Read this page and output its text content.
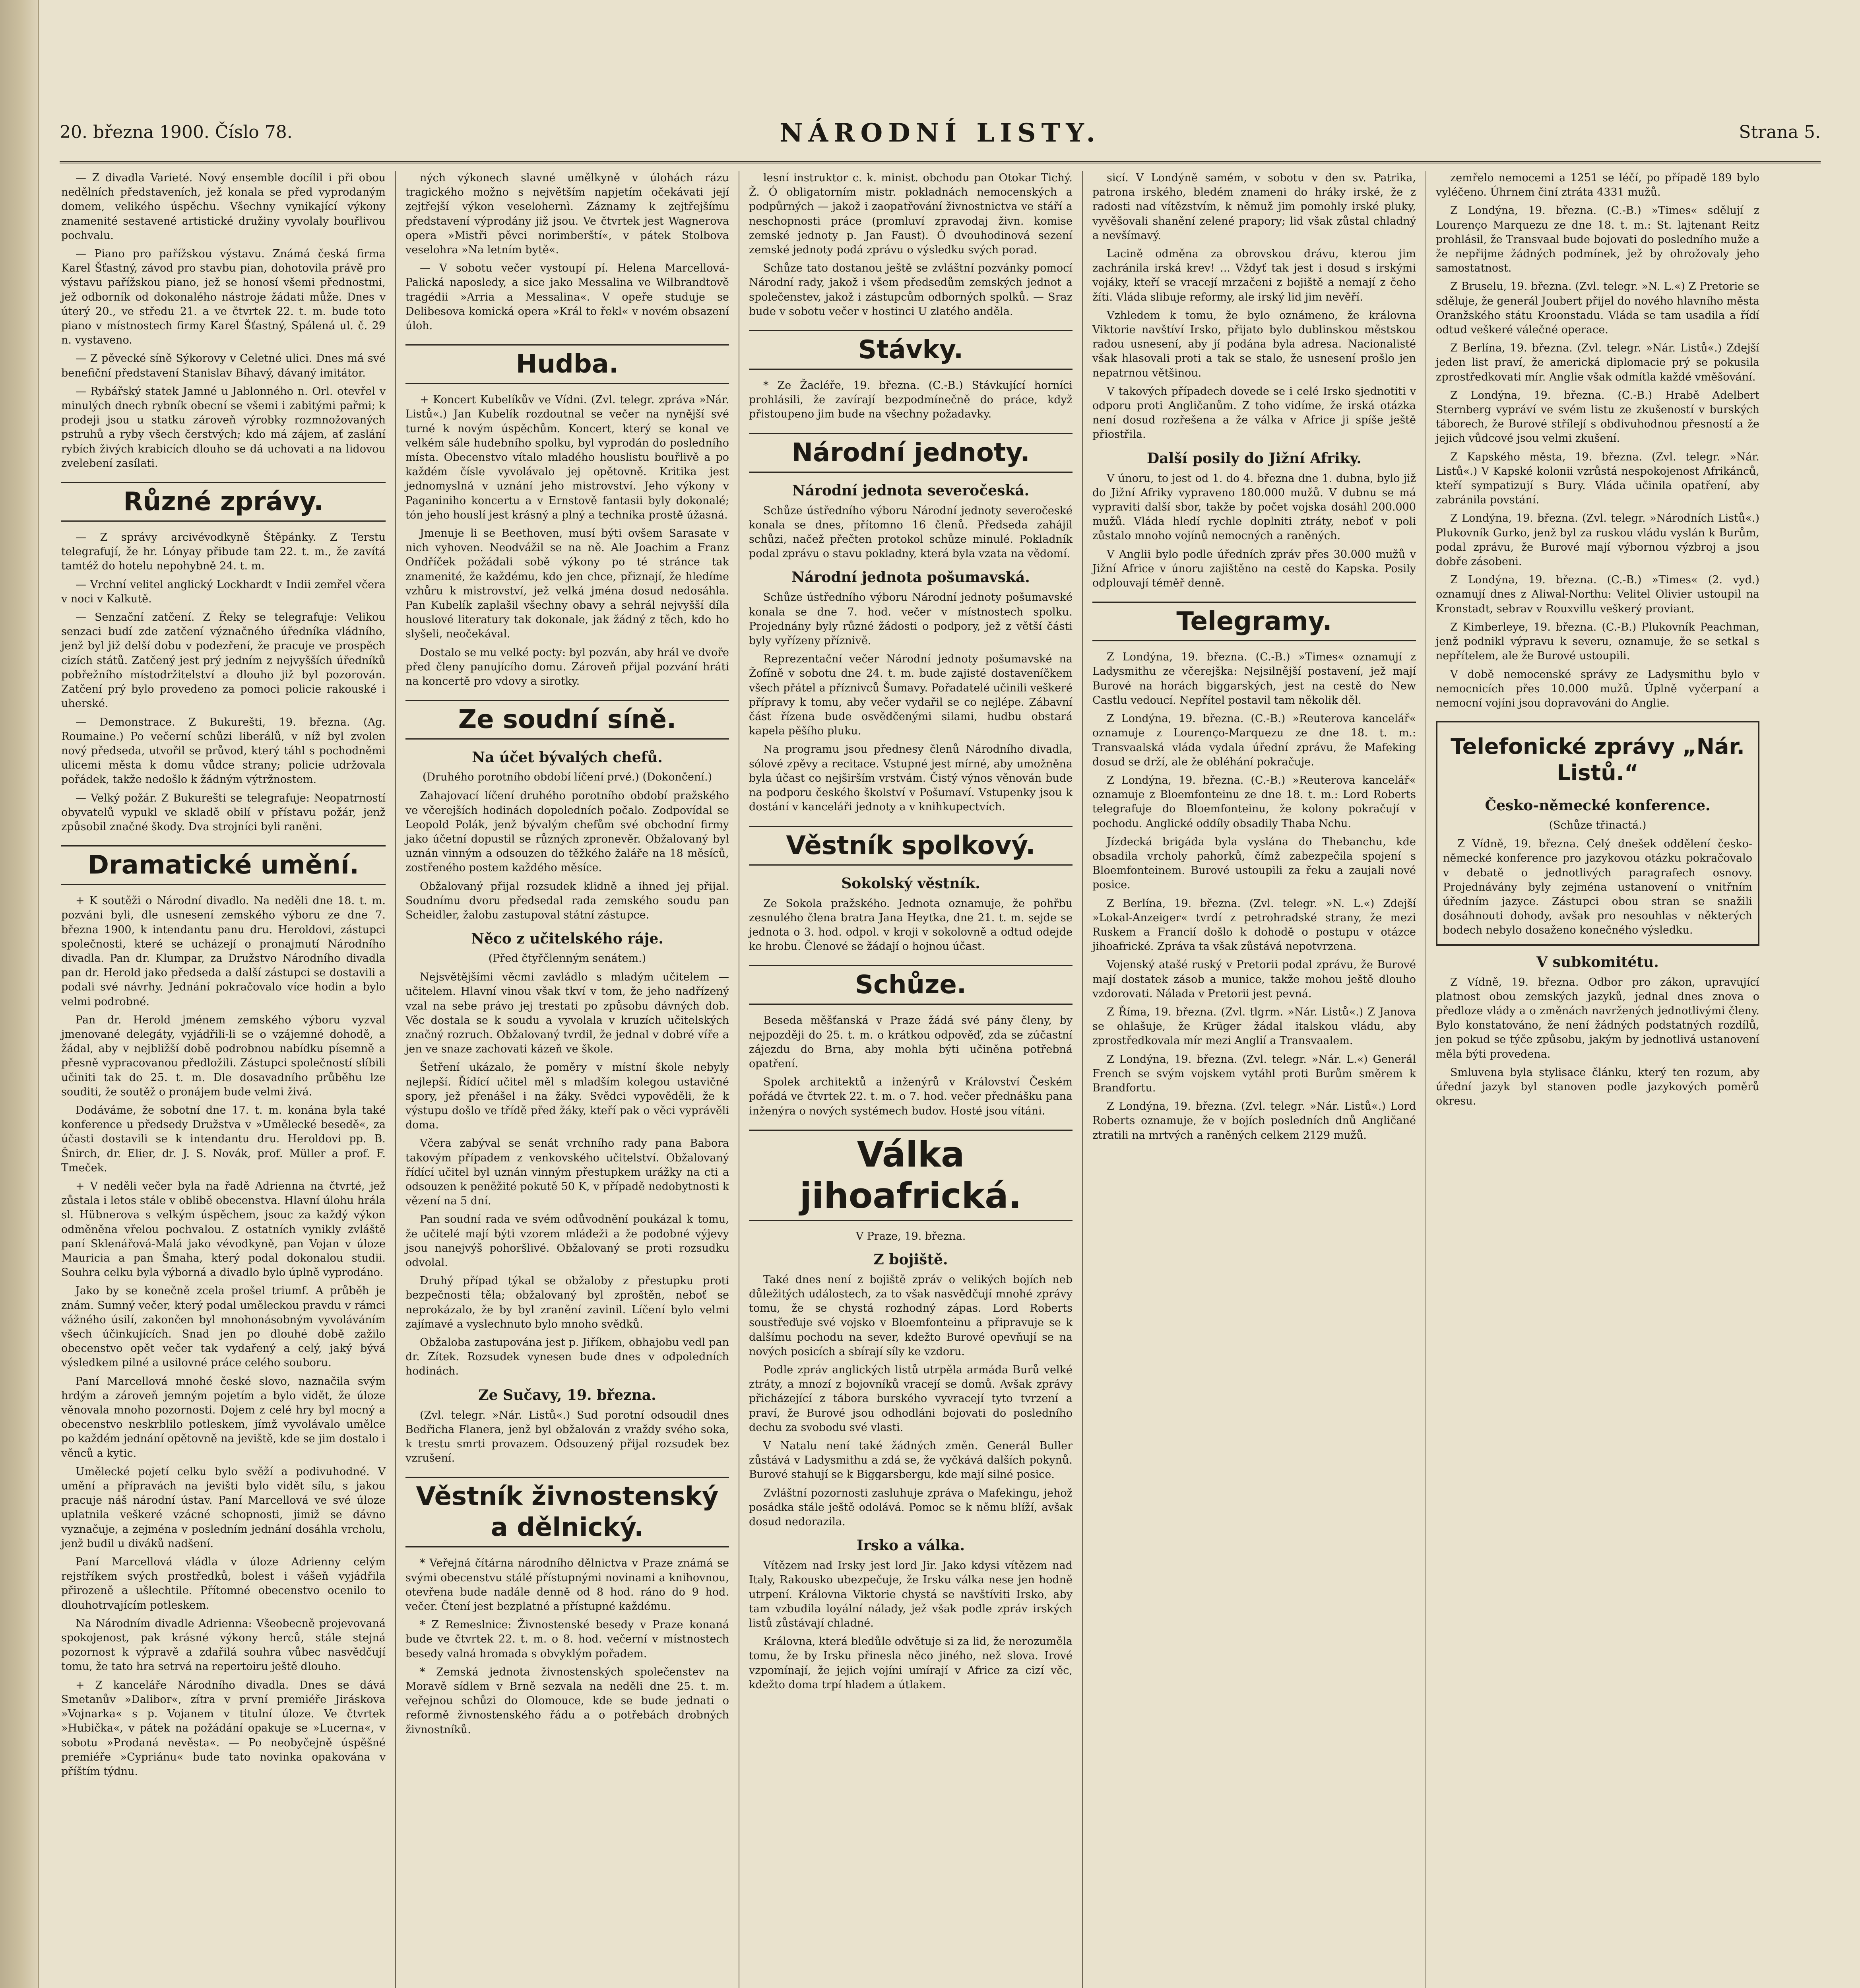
20. března 1900. Číslo 78.	NÁRODNÍ LISTY.	Strana 5.

— Z divadla Varieté. Nový ensemble docílil i při obou nedělních představeních, jež konala se před vyprodaným domem, velikého úspěchu. Všechny vynikající výkony znamenité sestavené artistické družiny vyvolaly bouřlivou pochvalu.

— Piano pro pařížskou výstavu. Známá česká firma Karel Šťastný, závod pro stavbu pian, dohotovila právě pro výstavu pařížskou piano, jež se honosí všemi přednostmi, jež odborník od dokonalého nástroje žádati může. Dnes v úterý 20., ve středu 21. a ve čtvrtek 22. t. m. bude toto piano v místnostech firmy Karel Šťastný, Spálená ul. č. 29 n. vystaveno.

— Z pěvecké síně Sýkorovy v Celetné ulici. Dnes má své benefiční představení Stanislav Bíhavý, dávaný imitátor.

— Rybářský statek Jamné u Jablonného n. Orl. otevřel v minulých dnech rybník obecní se všemi i zabitými pařmi; k prodeji jsou u statku zároveň výrobky rozmnožovaných pstruhů a ryby všech čerstvých; kdo má zájem, ať zaslání rybích živých krabicích dlouho se dá uchovati a na lidovou zvelebení zasílati.

Různé zprávy.

— Z správy arcivévodkyně Štěpánky. Z Terstu telegrafují, že hr. Lónyay přibude tam 22. t. m., že zavítá tamtéž do hotelu nepohybně 24. t. m.

— Vrchní velitel anglický Lockhardt v Indii zemřel včera v noci v Kalkutě.

— Senzační zatčení. Z Řeky se telegrafuje: Velikou senzaci budí zde zatčení význačného úředníka vládního, jenž byl již delší dobu v podezření, že pracuje ve prospěch cizích států. Zatčený jest prý jedním z nejvyšších úředníků pobřežního místodržitelství a dlouho již byl pozorován. Zatčení prý bylo provedeno za pomoci policie rakouské i uherské.

— Demonstrace. Z Bukurešti, 19. března. (Ag. Roumaine.) Po večerní schůzi liberálů, v níž byl zvolen nový předseda, utvořil se průvod, který táhl s pochodněmi ulicemi města k domu vůdce strany; policie udržovala pořádek, takže nedošlo k žádným výtržnostem.

— Velký požár. Z Bukurešti se telegrafuje: Neopatrností obyvatelů vypukl ve skladě obilí v přístavu požár, jenž způsobil značné škody. Dva strojníci byli raněni.

Dramatické umění.

+ K soutěži o Národní divadlo. Na neděli dne 18. t. m. pozváni byli, dle usnesení zemského výboru ze dne 7. března 1900, k intendantu panu dru. Heroldovi, zástupci společnosti, které se ucházejí o pronajmutí Národního divadla. Pan dr. Klumpar, za Družstvo Národního divadla pan dr. Herold jako předseda a další zástupci se dostavili a podali své návrhy. Jednání pokračovalo více hodin a bylo velmi podrobné.

Pan dr. Herold jménem zemského výboru vyzval jmenované delegáty, vyjádřili-li se o vzájemné dohodě, a žádal, aby v nejbližší době podrobnou nabídku písemně a přesně vypracovanou předložili. Zástupci společností slíbili učiniti tak do 25. t. m. Dle dosavadního průběhu lze souditi, že soutěž o pronájem bude velmi živá.

Dodáváme, že sobotní dne 17. t. m. konána byla také konference u předsedy Družstva v »Umělecké besedě«, za účasti dostavili se k intendantu dru. Heroldovi pp. B. Šnirch, dr. Elier, dr. J. S. Novák, prof. Müller a prof. F. Tmeček.

+ V neděli večer byla na řadě Adrienna na čtvrté, jež zůstala i letos stále v oblibě obecenstva. Hlavní úlohu hrála sl. Hübnerova s velkým úspěchem, jsouc za každý výkon odměněna vřelou pochvalou. Z ostatních vynikly zvláště paní Sklenářová-Malá jako vévodkyně, pan Vojan v úloze Mauricia a pan Šmaha, který podal dokonalou studii. Souhra celku byla výborná a divadlo bylo úplně vyprodáno.

Jako by se konečně zcela prošel triumf. A průběh je znám. Sumný večer, který podal uměleckou pravdu v rámci vážného úsilí, zakončen byl mnohonásobným vyvoláváním všech účinkujících. Snad jen po dlouhé době zažilo obecenstvo opět večer tak vydařený a celý, jaký bývá výsledkem pilné a usilovné práce celého souboru.

Paní Marcellová mnohé české slovo, naznačila svým hrdým a zároveň jemným pojetím a bylo vidět, že úloze věnovala mnoho pozornosti. Dojem z celé hry byl mocný a obecenstvo neskrblilo potleskem, jímž vyvolávalo umělce po každém jednání opětovně na jeviště, kde se jim dostalo i věnců a kytic.

Umělecké pojetí celku bylo svěží a podivuhodné. V umění a přípravách na jevišti bylo vidět sílu, s jakou pracuje náš národní ústav. Paní Marcellová ve své úloze uplatnila veškeré vzácné schopnosti, jimiž se dávno vyznačuje, a zejména v posledním jednání dosáhla vrcholu, jenž budil u diváků nadšení.

Paní Marcellová vládla v úloze Adrienny celým rejstříkem svých prostředků, bolest i vášeň vyjádřila přirozeně a ušlechtile. Přítomné obecenstvo ocenilo to dlouhotrvajícím potleskem.

Na Národním divadle Adrienna: Všeobecně projevovaná spokojenost, pak krásné výkony herců, stále stejná pozornost k výpravě a zdařilá souhra vůbec nasvědčují tomu, že tato hra setrvá na repertoiru ještě dlouho.

+ Z kanceláře Národního divadla. Dnes se dává Smetanův »Dalibor«, zítra v první premiéře Jiráskova »Vojnarka« s p. Vojanem v titulní úloze. Ve čtvrtek »Hubička«, v pátek na požádání opakuje se »Lucerna«, v sobotu »Prodaná nevěsta«. — Po neobyčejně úspěšné premiéře »Cypriánu« bude tato novinka opakována v příštím týdnu.

ných výkonech slavné umělkyně v úlohách rázu tragického možno s největším napjetím očekávati její zejtřejší výkon veselohernì. Záznamy k zejtřejšímu představení výprodány již jsou. Ve čtvrtek jest Wagnerova opera »Mistři pěvci norimberští«, v pátek Stolbova veselohra »Na letním bytě«.

— V sobotu večer vystoupí pí. Helena Marcellová-Palická naposledy, a sice jako Messalina ve Wilbrandtově tragédii »Arria a Messalina«. V opeře studuje se Delibesova komická opera »Král to řekl« v novém obsazení úloh.

Hudba.

+ Koncert Kubelíkův ve Vídni. (Zvl. telegr. zpráva »Nár. Listů«.) Jan Kubelík rozdoutnal se večer na nynější své turné k novým úspěchům. Koncert, který se konal ve velkém sále hudebního spolku, byl vyprodán do posledního místa. Obecenstvo vítalo mladého houslistu bouřlivě a po každém čísle vyvolávalo jej opětovně. Kritika jest jednomyslná v uznání jeho mistrovství. Jeho výkony v Paganiniho koncertu a v Ernstově fantasii byly dokonalé; tón jeho houslí jest krásný a plný a technika prostě úžasná.

Jmenuje li se Beethoven, musí býti ovšem Sarasate v nich vyhoven. Neodvážil se na ně. Ale Joachim a Franz Ondříček požádali sobě výkony po té stránce tak znamenité, že každému, kdo jen chce, přiznají, že hledíme vzhůru k mistrovství, jež velká jména dosud nedosáhla. Pan Kubelík zaplašil všechny obavy a sehrál nejvyšší díla houslové literatury tak dokonale, jak žádný z těch, kdo ho slyšeli, neočekával.

Dostalo se mu velké pocty: byl pozván, aby hrál ve dvoře před členy panujícího domu. Zároveň přijal pozvání hráti na koncertě pro vdovy a sirotky.

Ze soudní síně.
Na účet bývalých chefů.
(Druhého porotního období líčení prvé.) (Dokončení.)

Zahajovací líčení druhého porotního období pražského ve včerejších hodinách dopoledních počalo. Zodpovídal se Leopold Polák, jenž bývalým chefům své obchodní firmy jako účetní dopustil se různých zpronevěr. Obžalovaný byl uznán vinným a odsouzen do těžkého žaláře na 18 měsíců, zostřeného postem každého měsíce.

Obžalovaný přijal rozsudek klidně a ihned jej přijal. Soudnímu dvoru předsedal rada zemského soudu pan Scheidler, žalobu zastupoval státní zástupce.

Něco z učitelského ráje.
(Před čtyřčlenným senátem.)

Nejsvětějšími věcmi zavládlo s mladým učitelem — učitelem. Hlavní vinou však tkví v tom, že jeho nadřízený vzal na sebe právo jej trestati po způsobu dávných dob. Věc dostala se k soudu a vyvolala v kruzích učitelských značný rozruch. Obžalovaný tvrdil, že jednal v dobré víře a jen ve snaze zachovati kázeň ve škole.

Šetření ukázalo, že poměry v místní škole nebyly nejlepší. Řídící učitel měl s mladším kolegou ustavičné spory, jež přenášel i na žáky. Svědci vypověděli, že k výstupu došlo ve třídě před žáky, kteří pak o věci vyprávěli doma.

Včera zabýval se senát vrchního rady pana Babora takovým případem z venkovského učitelství. Obžalovaný řídící učitel byl uznán vinným přestupkem urážky na cti a odsouzen k peněžité pokutě 50 K, v případě nedobytnosti k vězení na 5 dní.

Pan soudní rada ve svém odůvodnění poukázal k tomu, že učitelé mají býti vzorem mládeži a že podobné výjevy jsou nanejvýš pohoršlivé. Obžalovaný se proti rozsudku odvolal.

Druhý případ týkal se obžaloby z přestupku proti bezpečnosti těla; obžalovaný byl zproštěn, neboť se neprokázalo, že by byl zranění zavinil. Líčení bylo velmi zajímavé a vyslechnuto bylo mnoho svědků.

Obžaloba zastupována jest p. Jiříkem, obhajobu vedl pan dr. Zítek. Rozsudek vynesen bude dnes v odpoledních hodinách.

Ze Sučavy, 19. března.

(Zvl. telegr. »Nár. Listů«.) Sud porotní odsoudil dnes Bedřicha Flanera, jenž byl obžalován z vraždy svého soka, k trestu smrti provazem. Odsouzený přijal rozsudek bez vzrušení.

Věstník živnostenský a dělnický.

* Veřejná čítárna národního dělnictva v Praze známá se svými obecenstvu stálé přístupnými novinami a knihovnou, otevřena bude nadále denně od 8 hod. ráno do 9 hod. večer. Čtení jest bezplatné a přístupné každému.

* Z Remeslnice: Živnostenské besedy v Praze konaná bude ve čtvrtek 22. t. m. o 8. hod. večerní v místnostech besedy valná hromada s obvyklým pořadem.

* Zemská jednota živnostenských společenstev na Moravě sídlem v Brně sezvala na neděli dne 25. t. m. veřejnou schůzi do Olomouce, kde se bude jednati o reformě živnostenského řádu a o potřebách drobných živnostníků.

lesní instruktor c. k. minist. obchodu pan Otokar Tichý. Ž. Ó obligatorním mistr. pokladnách nemocenských a podpůrných — jakož i zaopatřování živnostnictva ve stáří a neschopnosti práce (promluví zpravodaj živn. komise zemské jednoty p. Jan Faust). Ó dvouhodinová sezení zemské jednoty podá zprávu o výsledku svých porad.

Schůze tato dostanou ještě se zvláštní pozvánky pomocí Národní rady, jakož i všem předsedům zemských jednot a společenstev, jakož i zástupcům odborných spolků. — Sraz bude v sobotu večer v hostinci U zlatého anděla.

Stávky.

* Ze Žacléře, 19. března. (C.-B.) Stávkující horníci prohlásili, že zavírají bezpodmínečně do práce, když přistoupeno jim bude na všechny požadavky.

Národní jednoty.
Národní jednota severočeská.

Schůze ústředního výboru Národní jednoty severočeské konala se dnes, přítomno 16 členů. Předseda zahájil schůzi, načež přečten protokol schůze minulé. Pokladník podal zprávu o stavu pokladny, která byla vzata na vědomí.

Národní jednota pošumavská.

Schůze ústředního výboru Národní jednoty pošumavské konala se dne 7. hod. večer v místnostech spolku. Projednány byly různé žádosti o podpory, jež z větší části byly vyřízeny příznivě.

Reprezentační večer Národní jednoty pošumavské na Žofíně v sobotu dne 24. t. m. bude zajisté dostaveníčkem všech přátel a příznivců Šumavy. Pořadatelé učinili veškeré přípravy k tomu, aby večer vydařil se co nejlépe. Zábavní část řízena bude osvědčenými silami, hudbu obstará kapela pěšího pluku.

Na programu jsou přednesy členů Národního divadla, sólové zpěvy a recitace. Vstupné jest mírné, aby umožněna byla účast co nejširším vrstvám. Čistý výnos věnován bude na podporu českého školství v Pošumaví. Vstupenky jsou k dostání v kanceláři jednoty a v knihkupectvích.

Věstník spolkový.
Sokolský věstník.

Ze Sokola pražského. Jednota oznamuje, že pohřbu zesnulého člena bratra Jana Heytka, dne 21. t. m. sejde se jednota o 3. hod. odpol. v kroji v sokolovně a odtud odejde ke hrobu. Členové se žádají o hojnou účast.

Schůze.

Beseda měšťanská v Praze žádá své pány členy, by nejpozději do 25. t. m. o krátkou odpověď, zda se zúčastní zájezdu do Brna, aby mohla býti učiněna potřebná opatření.

Spolek architektů a inženýrů v Království Českém pořádá ve čtvrtek 22. t. m. o 7. hod. večer přednášku pana inženýra o nových systémech budov. Hosté jsou vítáni.

Válka jihoafrická.
V Praze, 19. března.
Z bojiště.

Také dnes není z bojiště zpráv o velikých bojích neb důležitých událostech, za to však nasvědčují mnohé zprávy tomu, že se chystá rozhodný zápas. Lord Roberts soustřeďuje své vojsko v Bloemfonteinu a připravuje se k dalšímu pochodu na sever, kdežto Burové opevňují se na nových posicích a sbírají síly ke vzdoru.

Podle zpráv anglických listů utrpěla armáda Burů velké ztráty, a mnozí z bojovníků vracejí se domů. Avšak zprávy přicházející z tábora burského vyvracejí tyto tvrzení a praví, že Burové jsou odhodláni bojovati do posledního dechu za svobodu své vlasti.

V Natalu není také žádných změn. Generál Buller zůstává v Ladysmithu a zdá se, že vyčkává dalších pokynů. Burové stahují se k Biggarsbergu, kde mají silné posice.

Zvláštní pozornosti zasluhuje zpráva o Mafekingu, jehož posádka stále ještě odolává. Pomoc se k němu blíží, avšak dosud nedorazila.

Irsko a válka.

Vítězem nad Irsky jest lord Jir. Jako kdysi vítězem nad Italy, Rakousko ubezpečuje, že Irsku válka nese jen hodně utrpení. Královna Viktorie chystá se navštíviti Irsko, aby tam vzbudila loyální nálady, jež však podle zpráv irských listů zůstávají chladné.

Královna, která bledůle odvětuje si za lid, že nerozuměla tomu, že by Irsku přinesla něco jiného, než slova. Irové vzpomínají, že jejich vojíni umírají v Africe za cizí věc, kdežto doma trpí hladem a útlakem.

sicí. V Londýně samém, v sobotu v den sv. Patrika, patrona irského, bledém znameni do hráky irské, že z radosti nad vítězstvím, k němuž jim pomohly irské pluky, vyvěšovali shanění zelené prapory; lid však zůstal chladný a nevšímavý.

Lacině odměna za obrovskou drávu, kterou jim zachránila irská krev! ... Vždyť tak jest i dosud s irskými vojáky, kteří se vracejí mrzačeni z bojiště a nemají z čeho žíti. Vláda slibuje reformy, ale irský lid jim nevěří.

Vzhledem k tomu, že bylo oznámeno, že královna Viktorie navštíví Irsko, přijato bylo dublinskou městskou radou usnesení, aby jí podána byla adresa. Nacionalisté však hlasovali proti a tak se stalo, že usnesení prošlo jen nepatrnou většinou.

V takových případech dovede se i celé Irsko sjednotiti v odporu proti Angličanům. Z toho vidíme, že irská otázka není dosud rozřešena a že válka v Africe ji spíše ještě přiostřila.

Další posily do Jižní Afriky.

V únoru, to jest od 1. do 4. března dne 1. dubna, bylo již do Jižní Afriky vypraveno 180.000 mužů. V dubnu se má vypraviti další sbor, takže by počet vojska dosáhl 200.000 mužů. Vláda hledí rychle doplniti ztráty, neboť v poli zůstalo mnoho vojínů nemocných a raněných.

V Anglii bylo podle úředních zpráv přes 30.000 mužů v Jižní Africe v únoru zajištěno na cestě do Kapska. Posily odplouvají téměř denně.

Telegramy.

Z Londýna, 19. března. (C.-B.) »Times« oznamují z Ladysmithu ze včerejška: Nejsilnější postavení, jež mají Burové na horách biggarských, jest na cestě do New Castlu vedoucí. Nepřítel postavil tam několik děl.

Z Londýna, 19. března. (C.-B.) »Reuterova kancelář« oznamuje z Lourenço-Marquezu ze dne 18. t. m.: Transvaalská vláda vydala úřední zprávu, že Mafeking dosud se drží, ale že obléhání pokračuje.

Z Londýna, 19. března. (C.-B.) »Reuterova kancelář« oznamuje z Bloemfonteinu ze dne 18. t. m.: Lord Roberts telegrafuje do Bloemfonteinu, že kolony pokračují v pochodu. Anglické oddíly obsadily Thaba Nchu.

Jízdecká brigáda byla vyslána do Thebanchu, kde obsadila vrcholy pahorků, čímž zabezpečila spojení s Bloemfonteinem. Burové ustoupili za řeku a zaujali nové posice.

Z Berlína, 19. března. (Zvl. telegr. »N. L.«) Zdejší »Lokal-Anzeiger« tvrdí z petrohradské strany, že mezi Ruskem a Francií došlo k dohodě o postupu v otázce jihoafrické. Zpráva ta však zůstává nepotvrzena.

Vojenský atašé ruský v Pretorii podal zprávu, že Burové mají dostatek zásob a munice, takže mohou ještě dlouho vzdorovati. Nálada v Pretorii jest pevná.

Z Říma, 19. března. (Zvl. tlgrm. »Nár. Listů«.) Z Janova se ohlašuje, že Krüger žádal italskou vládu, aby zprostředkovala mír mezi Anglií a Transvaalem.

Z Londýna, 19. března. (Zvl. telegr. »Nár. L.«) Generál French se svým vojskem vytáhl proti Burům směrem k Brandfortu.

Z Londýna, 19. března. (Zvl. telegr. »Nár. Listů«.) Lord Roberts oznamuje, že v bojích posledních dnů Angličané ztratili na mrtvých a raněných celkem 2129 mužů.

zemřelo nemocemi a 1251 se léčí, po případě 189 bylo vyléčeno. Úhrnem činí ztráta 4331 mužů.

Z Londýna, 19. března. (C.-B.) »Times« sdělují z Lourenço Marquezu ze dne 18. t. m.: St. lajtenant Reitz prohlásil, že Transvaal bude bojovati do posledního muže a že nepřijme žádných podmínek, jež by ohrožovaly jeho samostatnost.

Z Bruselu, 19. března. (Zvl. telegr. »N. L.«) Z Pretorie se sděluje, že generál Joubert přijel do nového hlavního města Oranžského státu Kroonstadu. Vláda se tam usadila a řídí odtud veškeré válečné operace.

Z Berlína, 19. března. (Zvl. telegr. »Nár. Listů«.) Zdejší jeden list praví, že americká diplomacie prý se pokusila zprostředkovati mír. Anglie však odmítla každé vměšování.

Z Londýna, 19. března. (C.-B.) Hrabě Adelbert Sternberg vypráví ve svém listu ze zkušeností v burských táborech, že Burové střílejí s obdivuhodnou přesností a že jejich vůdcové jsou velmi zkušení.

Z Kapského města, 19. března. (Zvl. telegr. »Nár. Listů«.) V Kapské kolonii vzrůstá nespokojenost Afrikánců, kteří sympatizují s Bury. Vláda učinila opatření, aby zabránila povstání.

Z Londýna, 19. března. (Zvl. telegr. »Národních Listů«.) Plukovník Gurko, jenž byl za ruskou vládu vyslán k Burům, podal zprávu, že Burové mají výbornou výzbroj a jsou dobře zásobeni.

Z Londýna, 19. března. (C.-B.) »Times« (2. vyd.) oznamují dnes z Aliwal-Northu: Velitel Olivier ustoupil na Kronstadt, sebrav v Rouxvillu veškerý proviant.

Z Kimberleye, 19. března. (C.-B.) Plukovník Peachman, jenž podnikl výpravu k severu, oznamuje, že se setkal s nepřítelem, ale že Burové ustoupili.

V době nemocenské správy ze Ladysmithu bylo v nemocnicích přes 10.000 mužů. Úplně vyčerpaní a nemocní vojíni jsou dopravováni do Anglie.

Telefonické zprávy „Nár. Listů.“
Česko-německé konference.
(Schůze třinactá.)

Z Vídně, 19. března. Celý dnešek oddělení česko-německé konference pro jazykovou otázku pokračovalo v debatě o jednotlivých paragrafech osnovy. Projednávány byly zejména ustanovení o vnitřním úředním jazyce. Zástupci obou stran se snažili dosáhnouti dohody, avšak pro nesouhlas v některých bodech nebylo dosaženo konečného výsledku.

V subkomitétu.

Z Vídně, 19. března. Odbor pro zákon, upravující platnost obou zemských jazyků, jednal dnes znova o předloze vlády a o změnách navržených jednotlivými členy. Bylo konstatováno, že není žádných podstatných rozdílů, jen pokud se týče způsobu, jakým by jednotlivá ustanovení měla býti provedena.

Smluvena byla stylisace článku, který ten rozum, aby úřední jazyk byl stanoven podle jazykových poměrů okresu.
